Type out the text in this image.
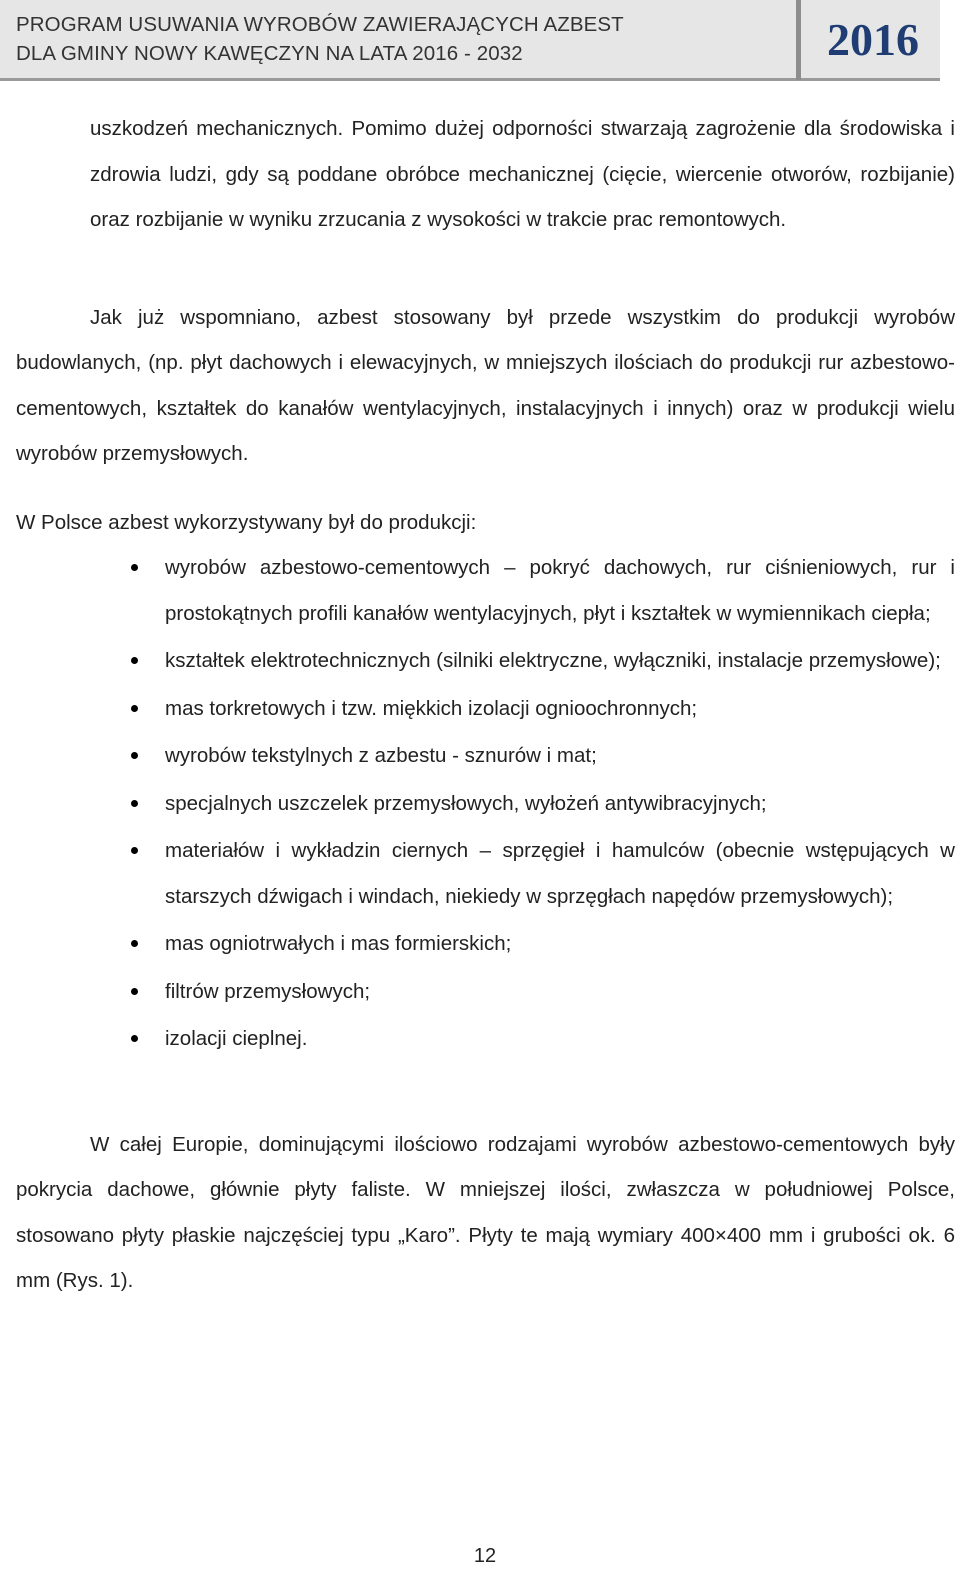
PROGRAM USUWANIA WYROBÓW ZAWIERAJĄCYCH AZBEST
DLA GMINY NOWY KAWĘCZYN NA LATA 2016 - 2032	2016

uszkodzeń mechanicznych. Pomimo dużej odporności stwarzają zagrożenie dla środowiska i zdrowia ludzi, gdy są poddane obróbce mechanicznej (cięcie, wiercenie otworów, rozbijanie) oraz rozbijanie w wyniku zrzucania z wysokości w trakcie prac remontowych.

Jak już wspomniano, azbest stosowany był przede wszystkim do produkcji wyrobów budowlanych, (np. płyt dachowych i elewacyjnych, w mniejszych ilościach do produkcji rur azbestowo-cementowych, kształtek do kanałów wentylacyjnych, instalacyjnych i innych) oraz w produkcji wielu wyrobów przemysłowych.

W Polsce azbest wykorzystywany był do produkcji:

wyrobów azbestowo-cementowych – pokryć dachowych, rur ciśnieniowych, rur i prostokątnych profili kanałów wentylacyjnych, płyt i kształtek w wymiennikach ciepła;
kształtek elektrotechnicznych (silniki elektryczne, wyłączniki, instalacje przemysłowe);
mas torkretowych i tzw. miękkich izolacji ognioochronnych;
wyrobów tekstylnych z azbestu - sznurów i mat;
specjalnych uszczelek przemysłowych, wyłożeń antywibracyjnych;
materiałów i wykładzin ciernych – sprzęgieł i hamulców (obecnie wstępujących w starszych dźwigach i windach, niekiedy w sprzęgłach napędów przemysłowych);
mas ogniotrwałych i mas formierskich;
filtrów przemysłowych;
izolacji cieplnej.

W całej Europie, dominującymi ilościowo rodzajami wyrobów azbestowo-cementowych były pokrycia dachowe, głównie płyty faliste. W mniejszej ilości, zwłaszcza w południowej Polsce, stosowano płyty płaskie najczęściej typu „Karo”. Płyty te mają wymiary 400×400 mm i grubości ok. 6 mm (Rys. 1).

12
